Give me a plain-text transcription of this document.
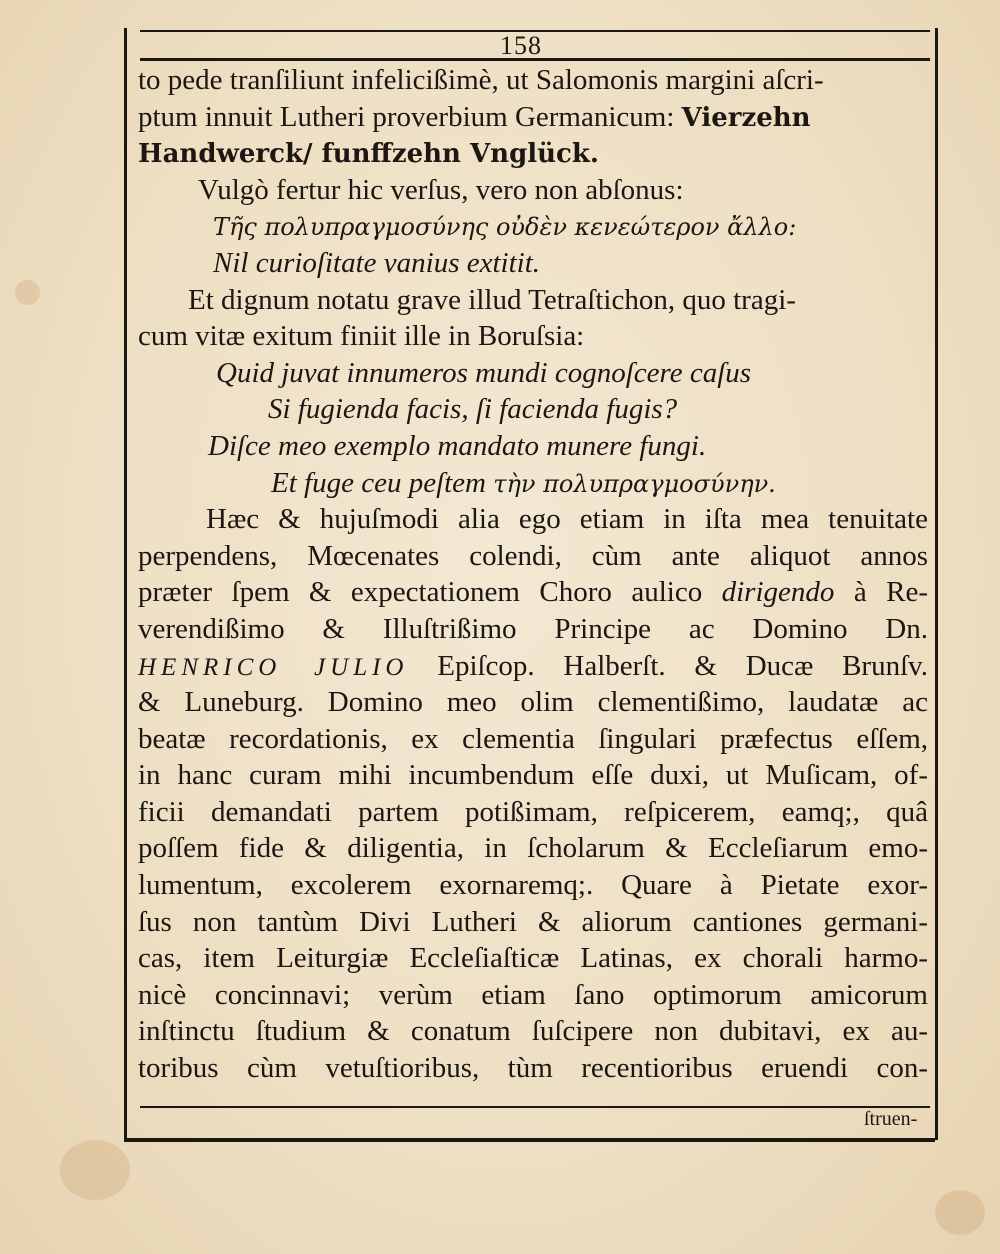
158
to pede tranſiliunt infelicißimè, ut Salomonis margini aſcri-
ptum innuit Lutheri proverbium Germanicum: Vierzehn
Handwerck/ funffzehn Vnglück.
Vulgò fertur hic verſus, vero non abſonus:
Τῆς πολυπραγμοσύνης οὐδὲν κενεώτερον ἄλλο:
Nil curioſitate vanius extitit.
Et dignum notatu grave illud Tetraſtichon, quo tragi-
cum vitæ exitum finiit ille in Boruſsia:
Quid juvat innumeros mundi cognoſcere caſus
Si fugienda facis, ſi facienda fugis?
Diſce meo exemplo mandato munere fungi.
Et fuge ceu peſtem τὴν πολυπραγμοσύνην.
Hæc & hujuſmodi alia ego etiam in iſta mea tenuitate
perpendens, Mœcenates colendi, cùm ante aliquot annos
præter ſpem & expectationem Choro aulico dirigendo à Re-
verendißimo & Illuſtrißimo Principe ac Domino Dn.
HENRICO JULIO Epiſcop. Halberſt. & Ducæ Brunſv.
& Luneburg. Domino meo olim clementißimo, laudatæ ac
beatæ recordationis, ex clementia ſingulari præfectus eſſem,
in hanc curam mihi incumbendum eſſe duxi, ut Muſicam, of-
ficii demandati partem potißimam, reſpicerem, eamq;, quâ
poſſem fide & diligentia, in ſcholarum & Eccleſiarum emo-
lumentum, excolerem exornaremq;. Quare à Pietate exor-
ſus non tantùm Divi Lutheri & aliorum cantiones germani-
cas, item Leiturgiæ Eccleſiaſticæ Latinas, ex chorali harmo-
nicè concinnavi; verùm etiam ſano optimorum amicorum
inſtinctu ſtudium & conatum ſuſcipere non dubitavi, ex au-
toribus cùm vetuſtioribus, tùm recentioribus eruendi con-
ſtruen-
